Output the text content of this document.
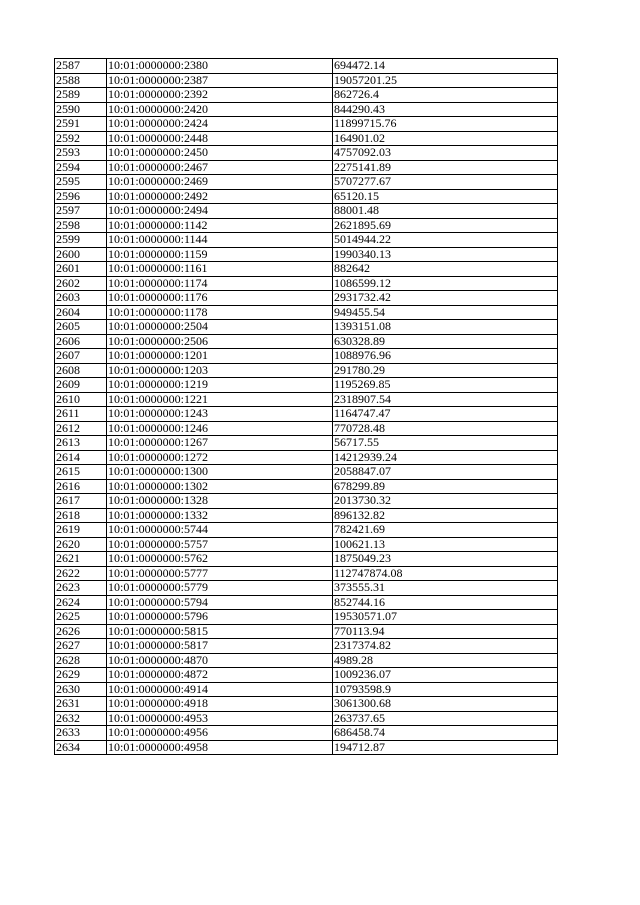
2587	10:01:0000000:2380	694472.14
2588	10:01:0000000:2387	19057201.25
2589	10:01:0000000:2392	862726.4
2590	10:01:0000000:2420	844290.43
2591	10:01:0000000:2424	11899715.76
2592	10:01:0000000:2448	164901.02
2593	10:01:0000000:2450	4757092.03
2594	10:01:0000000:2467	2275141.89
2595	10:01:0000000:2469	5707277.67
2596	10:01:0000000:2492	65120.15
2597	10:01:0000000:2494	88001.48
2598	10:01:0000000:1142	2621895.69
2599	10:01:0000000:1144	5014944.22
2600	10:01:0000000:1159	1990340.13
2601	10:01:0000000:1161	882642
2602	10:01:0000000:1174	1086599.12
2603	10:01:0000000:1176	2931732.42
2604	10:01:0000000:1178	949455.54
2605	10:01:0000000:2504	1393151.08
2606	10:01:0000000:2506	630328.89
2607	10:01:0000000:1201	1088976.96
2608	10:01:0000000:1203	291780.29
2609	10:01:0000000:1219	1195269.85
2610	10:01:0000000:1221	2318907.54
2611	10:01:0000000:1243	1164747.47
2612	10:01:0000000:1246	770728.48
2613	10:01:0000000:1267	56717.55
2614	10:01:0000000:1272	14212939.24
2615	10:01:0000000:1300	2058847.07
2616	10:01:0000000:1302	678299.89
2617	10:01:0000000:1328	2013730.32
2618	10:01:0000000:1332	896132.82
2619	10:01:0000000:5744	782421.69
2620	10:01:0000000:5757	100621.13
2621	10:01:0000000:5762	1875049.23
2622	10:01:0000000:5777	112747874.08
2623	10:01:0000000:5779	373555.31
2624	10:01:0000000:5794	852744.16
2625	10:01:0000000:5796	19530571.07
2626	10:01:0000000:5815	770113.94
2627	10:01:0000000:5817	2317374.82
2628	10:01:0000000:4870	4989.28
2629	10:01:0000000:4872	1009236.07
2630	10:01:0000000:4914	10793598.9
2631	10:01:0000000:4918	3061300.68
2632	10:01:0000000:4953	263737.65
2633	10:01:0000000:4956	686458.74
2634	10:01:0000000:4958	194712.87
